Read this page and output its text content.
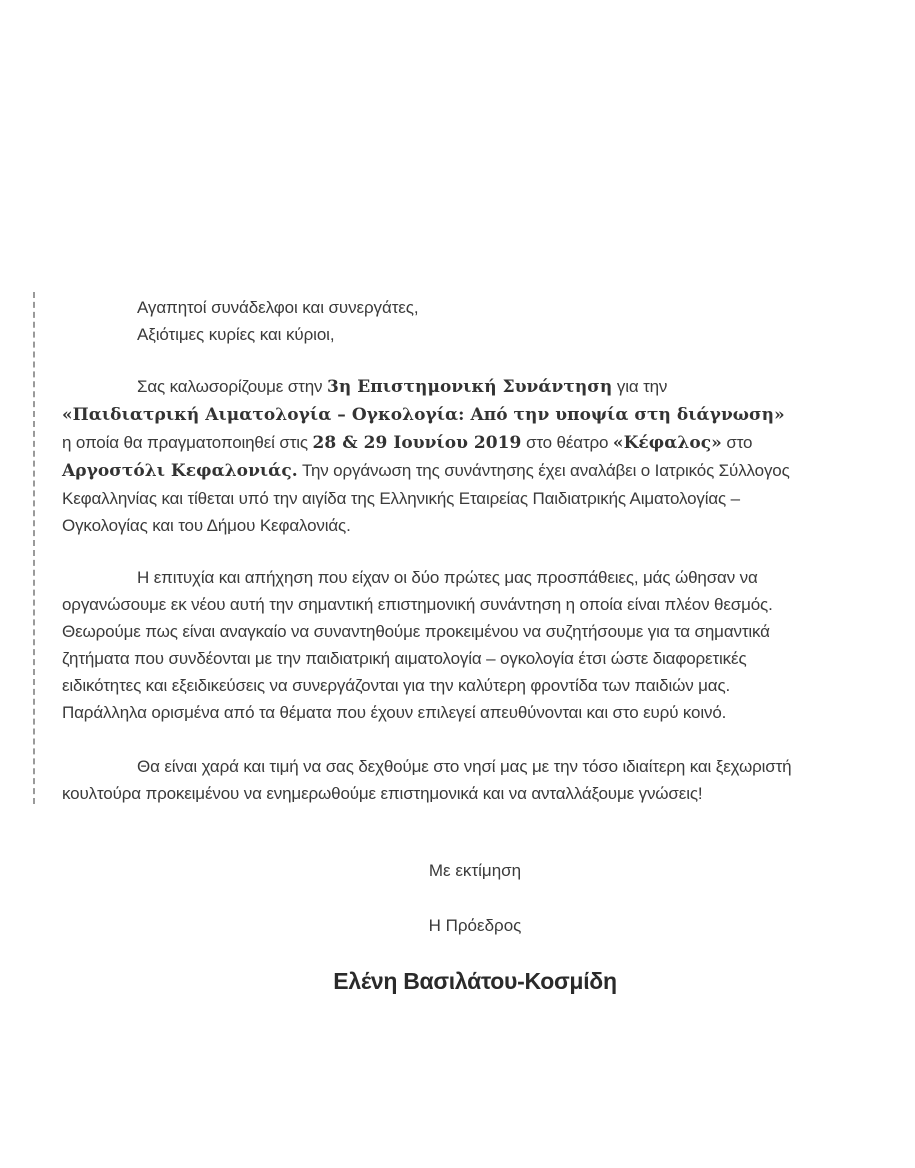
Αγαπητοί συνάδελφοι και συνεργάτες,
Αξιότιμες κυρίες και κύριοι,
Σας καλωσορίζουμε στην 3η Επιστημονική Συνάντηση για την
«Παιδιατρική Αιματολογία – Ογκολογία: Από την υποψία στη διάγνωση»
η οποία θα πραγματοποιηθεί στις 28 & 29 Ιουνίου 2019 στο θέατρο «Κέφαλος» στο
Αργοστόλι Κεφαλονιάς. Την οργάνωση της συνάντησης έχει αναλάβει ο Ιατρικός Σύλλογος
Κεφαλληνίας και τίθεται υπό την αιγίδα της Ελληνικής Εταιρείας Παιδιατρικής Αιματολογίας –
Ογκολογίας και του Δήμου Κεφαλονιάς.
Η επιτυχία και απήχηση που είχαν οι δύο πρώτες μας προσπάθειες, μάς ώθησαν να
οργανώσουμε εκ νέου αυτή την σημαντική επιστημονική συνάντηση η οποία είναι πλέον θεσμός.
Θεωρούμε πως είναι αναγκαίο να συναντηθούμε προκειμένου να συζητήσουμε για τα σημαντικά
ζητήματα που συνδέονται με την παιδιατρική αιματολογία – ογκολογία έτσι ώστε διαφορετικές
ειδικότητες και εξειδικεύσεις να συνεργάζονται για την καλύτερη φροντίδα των παιδιών μας.
Παράλληλα ορισμένα από τα θέματα που έχουν επιλεγεί απευθύνονται και στο ευρύ κοινό.
Θα είναι χαρά και τιμή να σας δεχθούμε στο νησί μας με την τόσο ιδιαίτερη και ξεχωριστή
κουλτούρα προκειμένου να ενημερωθούμε επιστημονικά και να ανταλλάξουμε γνώσεις!
Με εκτίμηση
Η Πρόεδρος
Ελένη Βασιλάτου-Κοσμίδη
